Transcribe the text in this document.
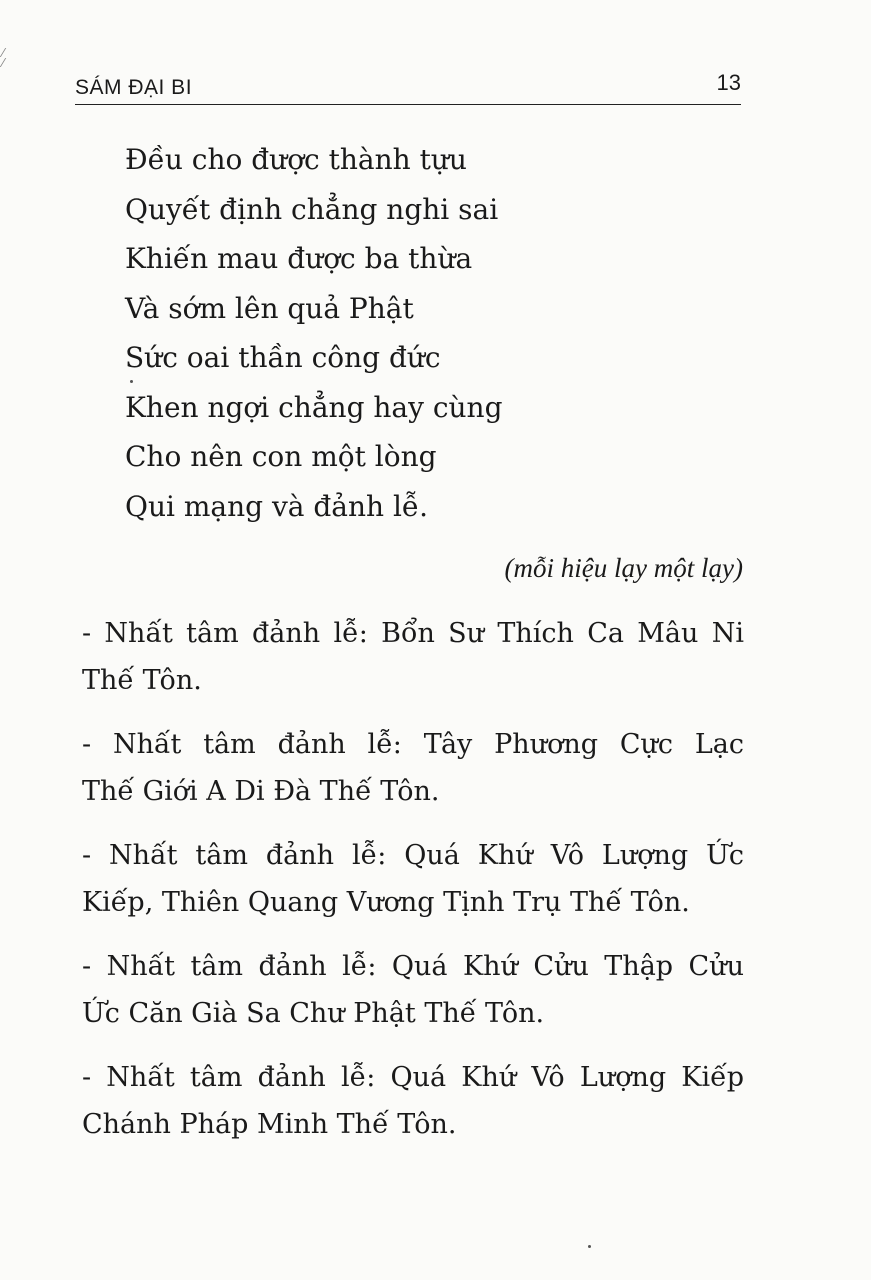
⁄
⁄
SÁM ĐẠI BI	13
Đều cho được thành tựu
Quyết định chẳng nghi sai
Khiến mau được ba thừa
Và sớm lên quả Phật
Sức oai thần công đức
Khen ngợi chẳng hay cùng
Cho nên con một lòng
Qui mạng và đảnh lễ.
(mỗi hiệu lạy một lạy)
- Nhất tâm đảnh lễ: Bổn Sư Thích Ca Mâu Ni
Thế Tôn.
- Nhất tâm đảnh lễ: Tây Phương Cực Lạc
Thế Giới A Di Đà Thế Tôn.
- Nhất tâm đảnh lễ: Quá Khứ Vô Lượng Ức
Kiếp, Thiên Quang Vương Tịnh Trụ Thế Tôn.
- Nhất tâm đảnh lễ: Quá Khứ Cửu Thập Cửu
Ức Căn Già Sa Chư Phật Thế Tôn.
- Nhất tâm đảnh lễ: Quá Khứ Vô Lượng Kiếp
Chánh Pháp Minh Thế Tôn.
